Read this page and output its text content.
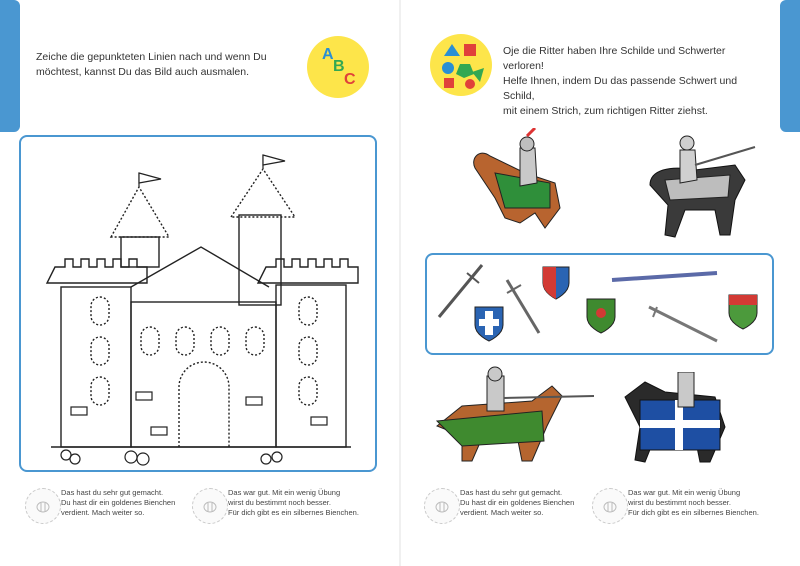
Zeiche die gepunkteten Linien nach und wenn Du
möchtest, kannst Du das Bild auch ausmalen.

A
B
C

Oje die Ritter haben Ihre Schilde und Schwerter verloren!
Helfe Ihnen, indem Du das passende Schwert und Schild,
mit einem Strich, zum richtigen Ritter ziehst.

Das hast du sehr gut gemacht.
Du hast dir ein goldenes Bienchen
verdient. Mach weiter so.
Das war gut. Mit ein wenig Übung
wirst du bestimmt noch besser.
Für dich gibt es ein silbernes Bienchen.
Das hast du sehr gut gemacht.
Du hast dir ein goldenes Bienchen
verdient. Mach weiter so.
Das war gut. Mit ein wenig Übung
wirst du bestimmt noch besser.
Für dich gibt es ein silbernes Bienchen.
